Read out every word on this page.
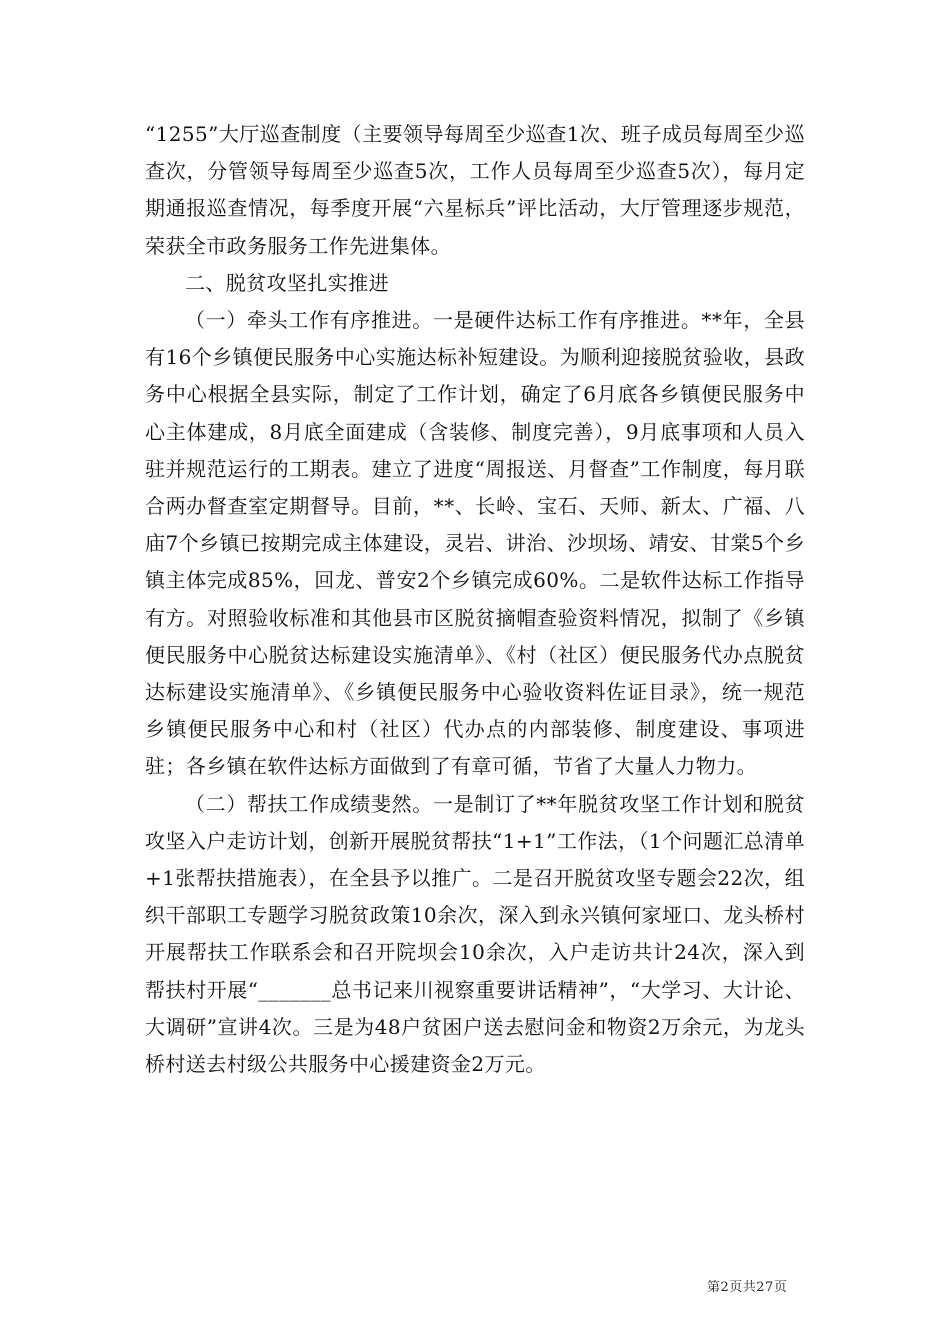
“1255”大厅巡查制度（主要领导每周至少巡查1次、班子成员每周至少巡查次，分管领导每周至少巡查5次，工作人员每周至少巡查5次），每月定期通报巡查情况，每季度开展“六星标兵”评比活动，大厅管理逐步规范，荣获全市政务服务工作先进集体。

二、脱贫攻坚扎实推进

（一）牵头工作有序推进。一是硬件达标工作有序推进。**年，全县有16个乡镇便民服务中心实施达标补短建设。为顺利迎接脱贫验收，县政务中心根据全县实际，制定了工作计划，确定了6月底各乡镇便民服务中心主体建成，8月底全面建成（含装修、制度完善），9月底事项和人员入驻并规范运行的工期表。建立了进度“周报送、月督查”工作制度，每月联合两办督查室定期督导。目前，**、长岭、宝石、天师、新太、广福、八庙7个乡镇已按期完成主体建设，灵岩、讲治、沙坝场、靖安、甘棠5个乡镇主体完成85%，回龙、普安2个乡镇完成60%。二是软件达标工作指导有方。对照验收标准和其他县市区脱贫摘帽查验资料情况，拟制了《乡镇便民服务中心脱贫达标建设实施清单》、《村（社区）便民服务代办点脱贫达标建设实施清单》、《乡镇便民服务中心验收资料佐证目录》，统一规范乡镇便民服务中心和村（社区）代办点的内部装修、制度建设、事项进驻；各乡镇在软件达标方面做到了有章可循，节省了大量人力物力。

（二）帮扶工作成绩斐然。一是制订了**年脱贫攻坚工作计划和脱贫攻坚入户走访计划，创新开展脱贫帮扶“1+1”工作法，（1个问题汇总清单+1张帮扶措施表），在全县予以推广。二是召开脱贫攻坚专题会22次，组织干部职工专题学习脱贫政策10余次，深入到永兴镇何家垭口、龙头桥村开展帮扶工作联系会和召开院坝会10余次，入户走访共计24次，深入到帮扶村开展“_______总书记来川视察重要讲话精神”，“大学习、大计论、大调研”宣讲4次。三是为48户贫困户送去慰问金和物资2万余元，为龙头桥村送去村级公共服务中心援建资金2万元。

第2页共27页
